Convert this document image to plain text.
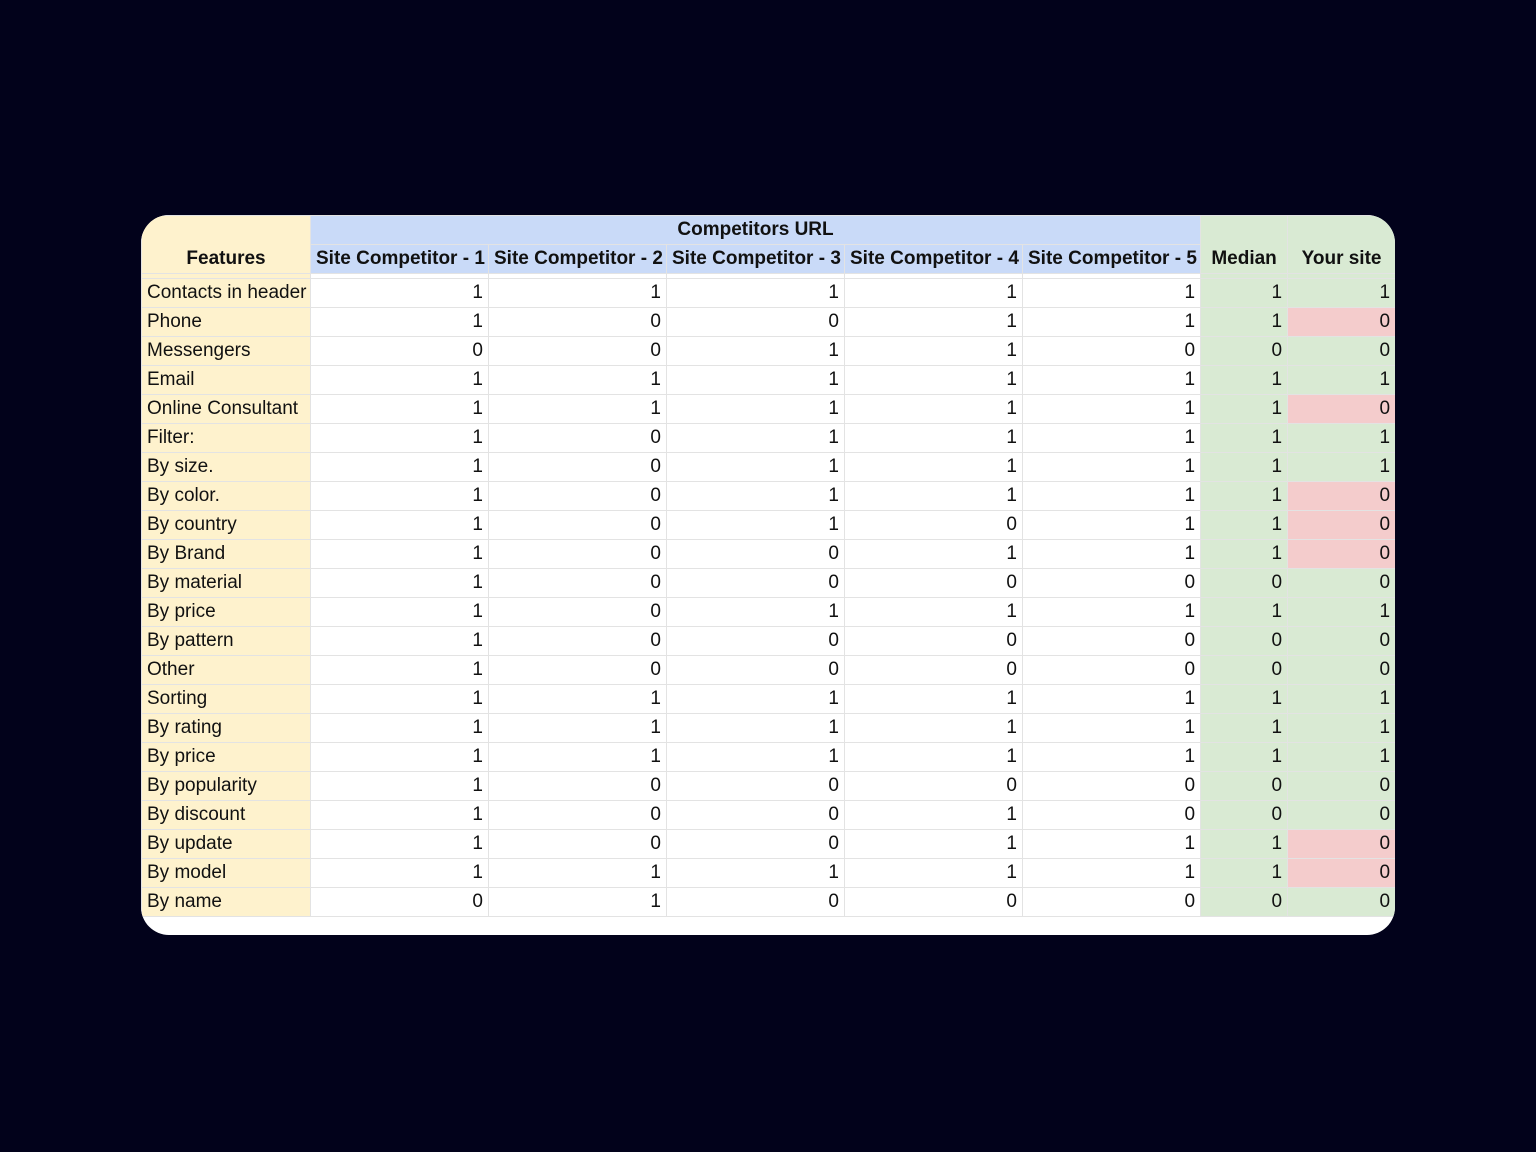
Features	Competitors URL					Median	Your site
	Site Competitor - 1	Site Competitor - 2	Site Competitor - 3	Site Competitor - 4	Site Competitor - 5		

Contacts in header	1	1	1	1	1	1	1
Phone	1	0	0	1	1	1	0
Messengers	0	0	1	1	0	0	0
Email	1	1	1	1	1	1	1
Online Consultant	1	1	1	1	1	1	0
Filter:	1	0	1	1	1	1	1
By size.	1	0	1	1	1	1	1
By color.	1	0	1	1	1	1	0
By country	1	0	1	0	1	1	0
By Brand	1	0	0	1	1	1	0
By material	1	0	0	0	0	0	0
By price	1	0	1	1	1	1	1
By pattern	1	0	0	0	0	0	0
Other	1	0	0	0	0	0	0
Sorting	1	1	1	1	1	1	1
By rating	1	1	1	1	1	1	1
By price	1	1	1	1	1	1	1
By popularity	1	0	0	0	0	0	0
By discount	1	0	0	1	0	0	0
By update	1	0	0	1	1	1	0
By model	1	1	1	1	1	1	0
By name	0	1	0	0	0	0	0
